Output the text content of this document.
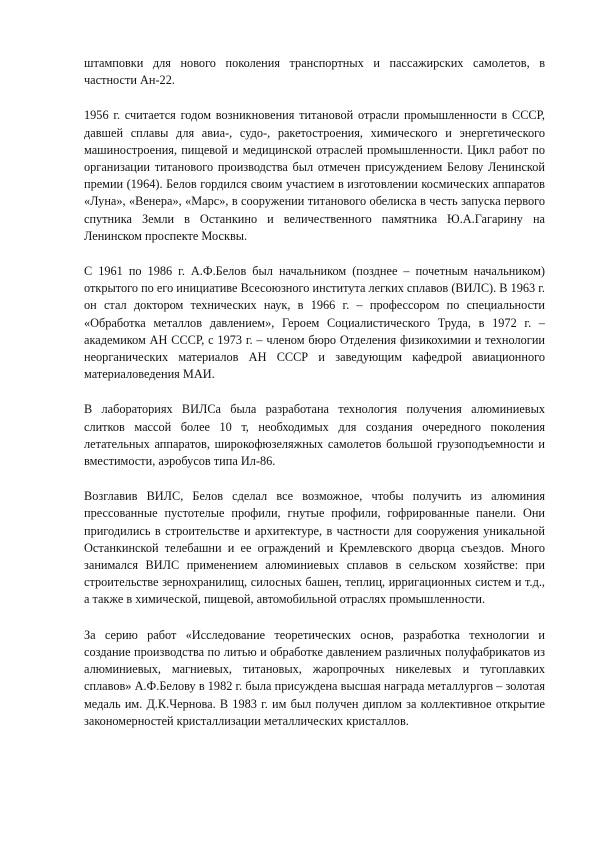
штамповки для нового поколения транспортных и пассажирских самолетов, в частности Ан-22.

1956 г. считается годом возникновения титановой отрасли промышленности в СССР, давшей сплавы для авиа-, судо-, ракетостроения, химического и энергетического машиностроения, пищевой и медицинской отраслей промышленности. Цикл работ по организации титанового производства был отмечен присуждением Белову Ленинской премии (1964). Белов гордился своим участием в изготовлении космических аппаратов «Луна», «Венера», «Марс», в сооружении титанового обелиска в честь запуска первого спутника Земли в Останкино и величественного памятника Ю.А.Гагарину на Ленинском проспекте Москвы.

С 1961 по 1986 г. А.Ф.Белов был начальником (позднее – почетным начальником) открытого по его инициативе Всесоюзного института легких сплавов (ВИЛС). В 1963 г. он стал доктором технических наук, в 1966 г. – профессором по специальности «Обработка металлов давлением», Героем Социалистического Труда, в 1972 г. – академиком АН СССР, с 1973 г. – членом бюро Отделения физикохимии и технологии неорганических материалов АН СССР и заведующим кафедрой авиационного материаловедения МАИ.

В лабораториях ВИЛСа была разработана технология получения алюминиевых слитков массой более 10 т, необходимых для создания очередного поколения летательных аппаратов, широкофюзеляжных самолетов большой грузоподъемности и вместимости, аэробусов типа Ил-86.

Возглавив ВИЛС, Белов сделал все возможное, чтобы получить из алюминия прессованные пустотелые профили, гнутые профили, гофрированные панели. Они пригодились в строительстве и архитектуре, в частности для сооружения уникальной Останкинской телебашни и ее ограждений и Кремлевского дворца съездов. Много занимался ВИЛС применением алюминиевых сплавов в сельском хозяйстве: при строительстве зернохранилищ, силосных башен, теплиц, ирригационных систем и т.д., а также в химической, пищевой, автомобильной отраслях промышленности.

За серию работ «Исследование теоретических основ, разработка технологии и создание производства по литью и обработке давлением различных полуфабрикатов из алюминиевых, магниевых, титановых, жаропрочных никелевых и тугоплавких сплавов» А.Ф.Белову в 1982 г. была присуждена высшая награда металлургов – золотая медаль им. Д.К.Чернова. В 1983 г. им был получен диплом за коллективное открытие закономерностей кристаллизации металлических кристаллов.
